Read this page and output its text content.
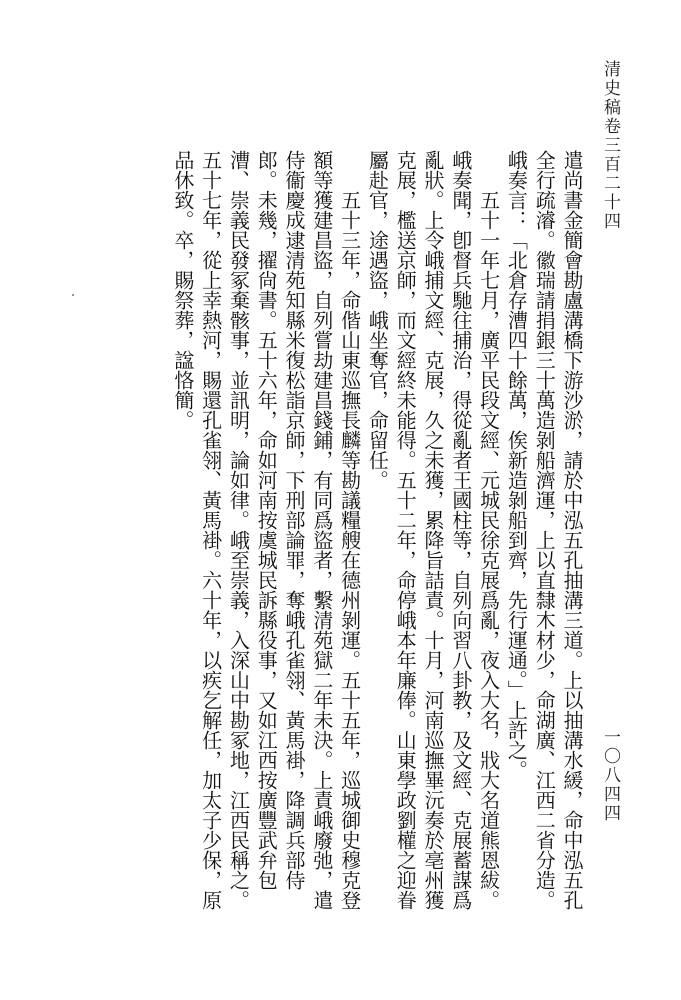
清史稿卷三百二十四
一〇八四四

遣尚書金簡會勘盧溝橋下游沙淤，請於中泓五孔抽溝三道。上以抽溝水緩，命中泓五孔全行疏濬。徽瑞請捐銀三十萬造剝船濟運，上以直隸木材少，命湖廣、江西二省分造。峨奏言：「北倉存漕四十餘萬，俟新造剝船到齊，先行運通。」上許之。

五十一年七月，廣平民段文經、元城民徐克展爲亂，夜入大名，戕大名道熊恩紱。峨奏聞，卽督兵馳往捕治，得從亂者王國柱等，自列向習八卦教，及文經、克展蓄謀爲亂狀。上令峨捕文經、克展，久之未獲，累降旨詰責。十月，河南巡撫畢沅奏於亳州獲克展，檻送京師，而文經終未能得。五十二年，命停峨本年廉俸。山東學政劉權之迎眷屬赴官，途遇盜，峨坐奪官，命留任。

五十三年，命偕山東巡撫長麟等勘議糧艘在德州剝運。五十五年，巡城御史穆克登額等獲建昌盜，自列嘗劫建昌錢鋪，有同爲盜者，繫清苑獄二年未決。上責峨廢弛，遣侍衞慶成逮清苑知縣米復松詣京師，下刑部論罪，奪峨孔雀翎、黃馬褂，降調兵部侍郎。未幾，擢尙書。五十六年，命如河南按虞城民訴縣役事，又如江西按廣豐武弁包漕、崇義民發冢棄骸事，並訊明，論如律。峨至崇義，入深山中勘冢地，江西民稱之。五十七年，從上幸熱河，賜還孔雀翎、黃馬褂。六十年，以疾乞解任，加太子少保，原品休致。卒，賜祭葬，諡恪簡。
